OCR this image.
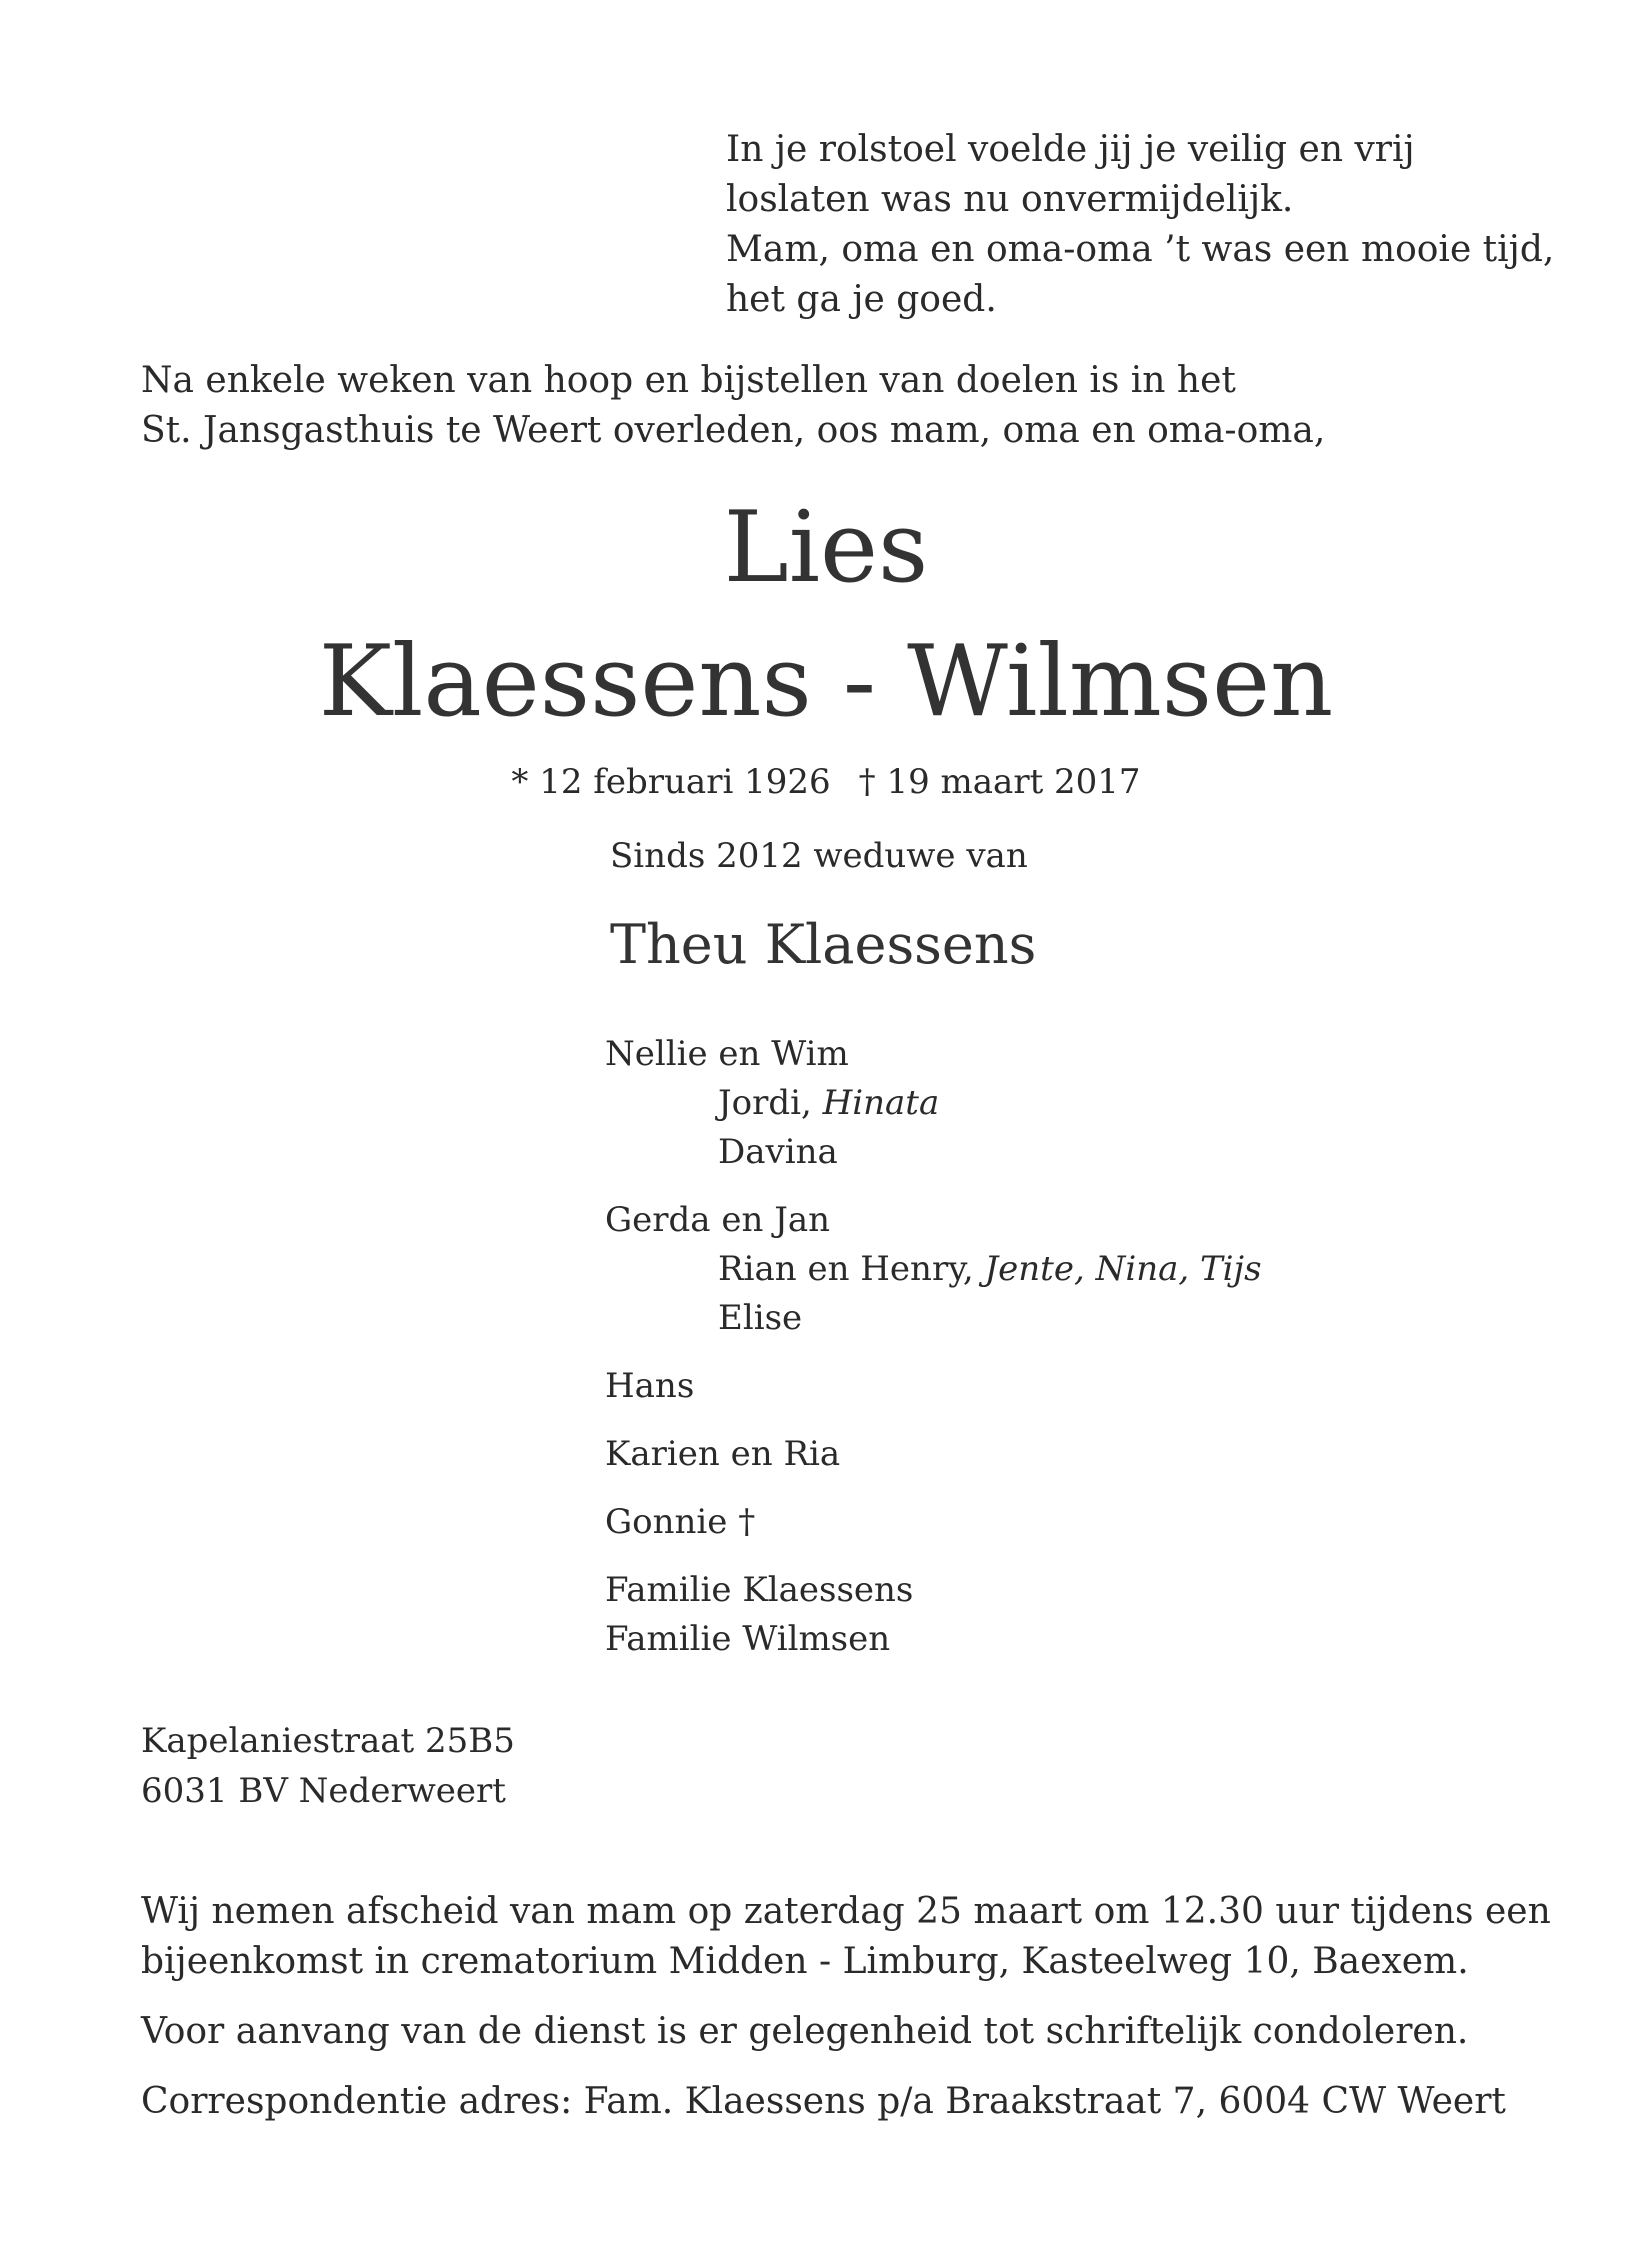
In je rolstoel voelde jij je veilig en vrij
loslaten was nu onvermijdelijk.
Mam, oma en oma-oma ’t was een mooie tijd,
het ga je goed.
Na enkele weken van hoop en bijstellen van doelen is in het
St. Jansgasthuis te Weert overleden, oos mam, oma en oma-oma,
Lies
Klaessens - Wilmsen
* 12 februari 1926 † 19 maart 2017
Sinds 2012 weduwe van
Theu Klaessens
Nellie en Wim
Jordi, Hinata
Davina
Gerda en Jan
Rian en Henry, Jente, Nina, Tijs
Elise
Hans
Karien en Ria
Gonnie †
Familie Klaessens
Familie Wilmsen
Kapelaniestraat 25B5
6031 BV Nederweert
Wij nemen afscheid van mam op zaterdag 25 maart om 12.30 uur tijdens een
bijeenkomst in crematorium Midden - Limburg, Kasteelweg 10, Baexem.
Voor aanvang van de dienst is er gelegenheid tot schriftelijk condoleren.
Correspondentie adres: Fam. Klaessens p/a Braakstraat 7, 6004 CW Weert
